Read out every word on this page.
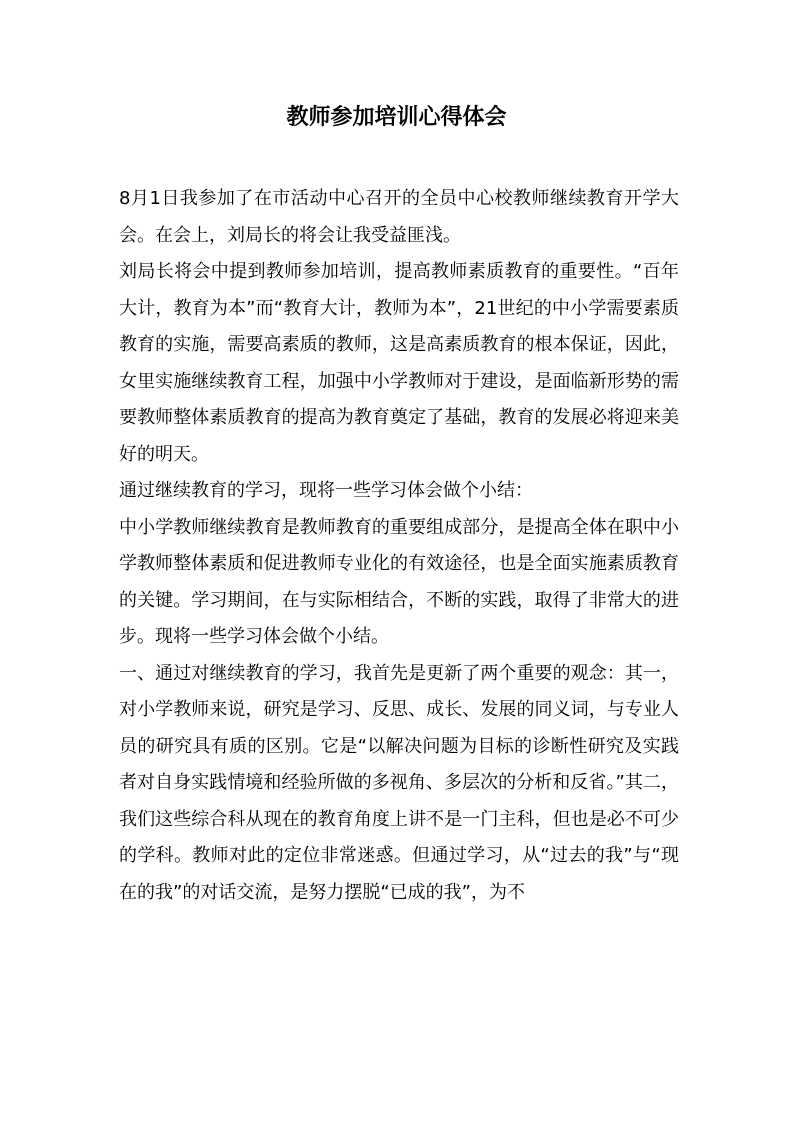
教师参加培训心得体会

8月1日我参加了在市活动中心召开的全员中心校教师继续教育开学大会。在会上，刘局长的将会让我受益匪浅。

刘局长将会中提到教师参加培训，提高教师素质教育的重要性。“百年大计，教育为本”而“教育大计，教师为本”，21世纪的中小学需要素质教育的实施，需要高素质的教师，这是高素质教育的根本保证，因此，女里实施继续教育工程，加强中小学教师对于建设，是面临新形势的需要教师整体素质教育的提高为教育奠定了基础，教育的发展必将迎来美好的明天。

通过继续教育的学习，现将一些学习体会做个小结：

中小学教师继续教育是教师教育的重要组成部分，是提高全体在职中小学教师整体素质和促进教师专业化的有效途径，也是全面实施素质教育的关键。学习期间，在与实际相结合，不断的实践，取得了非常大的进步。现将一些学习体会做个小结。

一、通过对继续教育的学习，我首先是更新了两个重要的观念：其一，对小学教师来说，研究是学习、反思、成长、发展的同义词，与专业人员的研究具有质的区别。它是“以解决问题为目标的诊断性研究及实践者对自身实践情境和经验所做的多视角、多层次的分析和反省。”其二，我们这些综合科从现在的教育角度上讲不是一门主科，但也是必不可少的学科。教师对此的定位非常迷惑。但通过学习，从“过去的我”与“现在的我”的对话交流，是努力摆脱“已成的我”，为不
